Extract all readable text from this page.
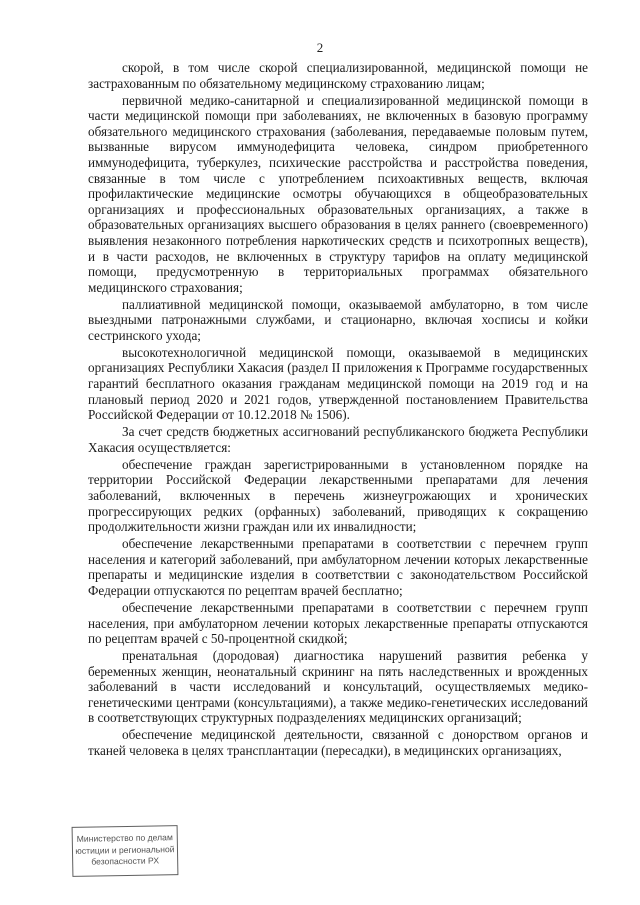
2

скорой, в том числе скорой специализированной, медицинской помощи не застрахованным по обязательному медицинскому страхованию лицам;

первичной медико-санитарной и специализированной медицинской помощи в части медицинской помощи при заболеваниях, не включенных в базовую программу обязательного медицинского страхования (заболевания, передаваемые половым путем, вызванные вирусом иммунодефицита человека, синдром приобретенного иммунодефицита, туберкулез, психические расстройства и расстройства поведения, связанные в том числе с употреблением психоактивных веществ, включая профилактические медицинские осмотры обучающихся в общеобразовательных организациях и профессиональных образовательных организациях, а также в образовательных организациях высшего образования в целях раннего (своевременного) выявления незаконного потребления наркотических средств и психотропных веществ), и в части расходов, не включенных в структуру тарифов на оплату медицинской помощи, предусмотренную в территориальных программах обязательного медицинского страхования;

паллиативной медицинской помощи, оказываемой амбулаторно, в том числе выездными патронажными службами, и стационарно, включая хосписы и койки сестринского ухода;

высокотехнологичной медицинской помощи, оказываемой в медицинских организациях Республики Хакасия (раздел II приложения к Программе государственных гарантий бесплатного оказания гражданам медицинской помощи на 2019 год и на плановый период 2020 и 2021 годов, утвержденной постановлением Правительства Российской Федерации от 10.12.2018 № 1506).

За счет средств бюджетных ассигнований республиканского бюджета Республики Хакасия осуществляется:

обеспечение граждан зарегистрированными в установленном порядке на территории Российской Федерации лекарственными препаратами для лечения заболеваний, включенных в перечень жизнеугрожающих и хронических прогрессирующих редких (орфанных) заболеваний, приводящих к сокращению продолжительности жизни граждан или их инвалидности;

обеспечение лекарственными препаратами в соответствии с перечнем групп населения и категорий заболеваний, при амбулаторном лечении которых лекарственные препараты и медицинские изделия в соответствии с законодательством Российской Федерации отпускаются по рецептам врачей бесплатно;

обеспечение лекарственными препаратами в соответствии с перечнем групп населения, при амбулаторном лечении которых лекарственные препараты отпускаются по рецептам врачей с 50-процентной скидкой;

пренатальная (дородовая) диагностика нарушений развития ребенка у беременных женщин, неонатальный скрининг на пять наследственных и врожденных заболеваний в части исследований и консультаций, осуществляемых медико-генетическими центрами (консультациями), а также медико-генетических исследований в соответствующих структурных подразделениях медицинских организаций;

обеспечение медицинской деятельности, связанной с донорством органов и тканей человека в целях трансплантации (пересадки), в медицинских организациях,

Министерство по делам
юстиции и региональной
безопасности РХ
